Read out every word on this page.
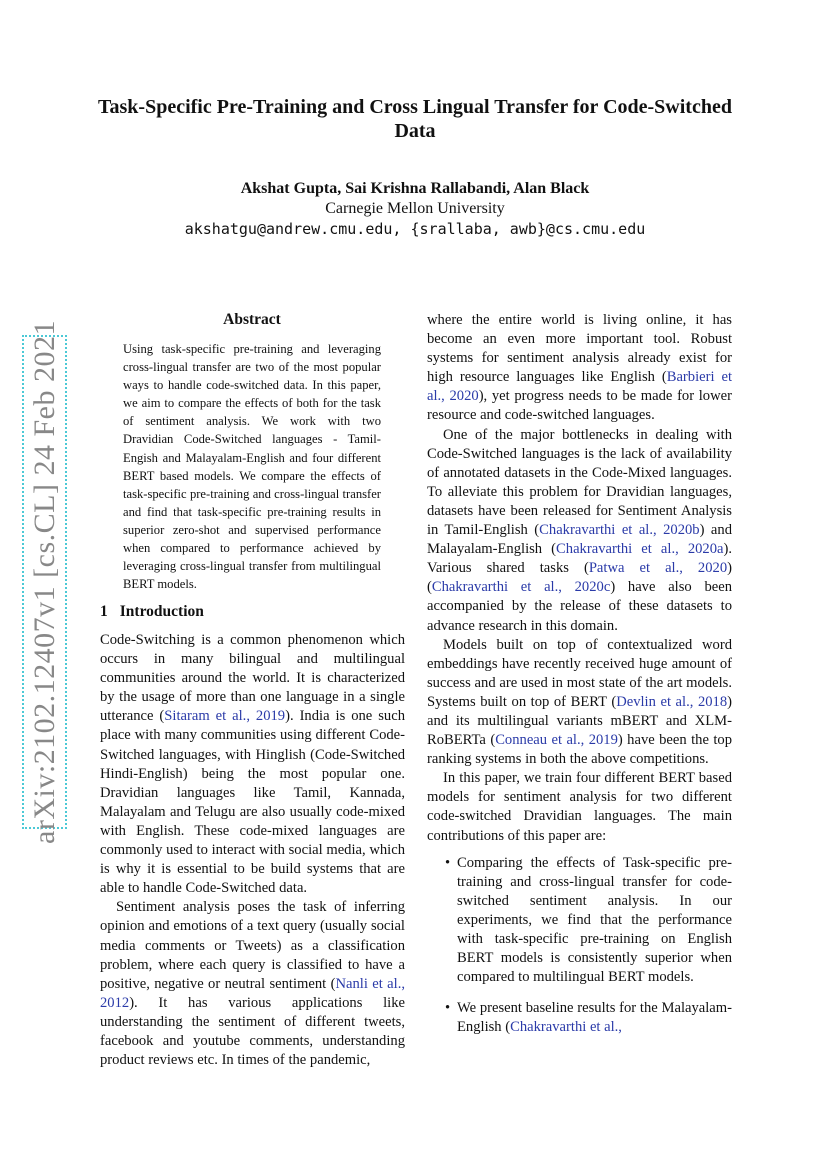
arXiv:2102.12407v1 [cs.CL] 24 Feb 2021
Task-Specific Pre-Training and Cross Lingual Transfer for Code-Switched Data
Akshat Gupta, Sai Krishna Rallabandi, Alan Black
Carnegie Mellon University
akshatgu@andrew.cmu.edu, {srallaba, awb}@cs.cmu.edu
Abstract
Using task-specific pre-training and leveraging cross-lingual transfer are two of the most popular ways to handle code-switched data. In this paper, we aim to compare the effects of both for the task of sentiment analysis. We work with two Dravidian Code-Switched languages - Tamil-Engish and Malayalam-English and four different BERT based models. We compare the effects of task-specific pre-training and cross-lingual transfer and find that task-specific pre-training results in superior zero-shot and supervised performance when compared to performance achieved by leveraging cross-lingual transfer from multilingual BERT models.
1 Introduction

Code-Switching is a common phenomenon which occurs in many bilingual and multilingual communities around the world. It is characterized by the usage of more than one language in a single utterance (Sitaram et al., 2019). India is one such place with many communities using different Code-Switched languages, with Hinglish (Code-Switched Hindi-English) being the most popular one. Dravidian languages like Tamil, Kannada, Malayalam and Telugu are also usually code-mixed with English. These code-mixed languages are commonly used to interact with social media, which is why it is essential to be build systems that are able to handle Code-Switched data.

Sentiment analysis poses the task of inferring opinion and emotions of a text query (usually social media comments or Tweets) as a classification problem, where each query is classified to have a positive, negative or neutral sentiment (Nanli et al., 2012). It has various applications like understanding the sentiment of different tweets, facebook and youtube comments, understanding product reviews etc. In times of the pandemic,

where the entire world is living online, it has become an even more important tool. Robust systems for sentiment analysis already exist for high resource languages like English (Barbieri et al., 2020), yet progress needs to be made for lower resource and code-switched languages.

One of the major bottlenecks in dealing with Code-Switched languages is the lack of availability of annotated datasets in the Code-Mixed languages. To alleviate this problem for Dravidian languages, datasets have been released for Sentiment Analysis in Tamil-English (Chakravarthi et al., 2020b) and Malayalam-English (Chakravarthi et al., 2020a). Various shared tasks (Patwa et al., 2020) (Chakravarthi et al., 2020c) have also been accompanied by the release of these datasets to advance research in this domain.

Models built on top of contextualized word embeddings have recently received huge amount of success and are used in most state of the art models. Systems built on top of BERT (Devlin et al., 2018) and its multilingual variants mBERT and XLM-RoBERTa (Conneau et al., 2019) have been the top ranking systems in both the above competitions.

In this paper, we train four different BERT based models for sentiment analysis for two different code-switched Dravidian languages. The main contributions of this paper are:

• Comparing the effects of Task-specific pre-training and cross-lingual transfer for code-switched sentiment analysis. In our experiments, we find that the performance with task-specific pre-training on English BERT models is consistently superior when compared to multilingual BERT models.
• We present baseline results for the Malayalam-English (Chakravarthi et al.,
